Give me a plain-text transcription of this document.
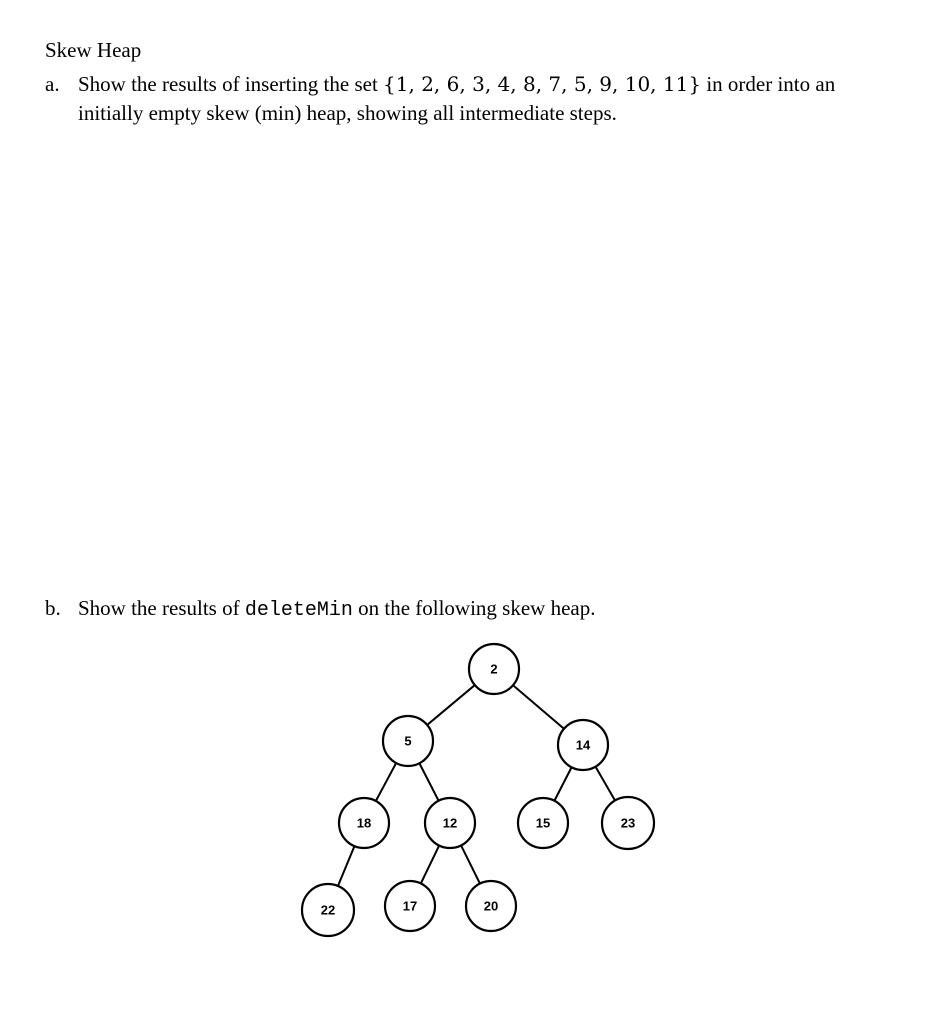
Skew Heap
a. Show the results of inserting the set {1, 2, 6, 3, 4, 8, 7, 5, 9, 10, 11} in order into an
initially empty skew (min) heap, showing all intermediate steps.
b. Show the results of deleteMin on the following skew heap.
2
5	14
18	12	15	23
22	17	20
